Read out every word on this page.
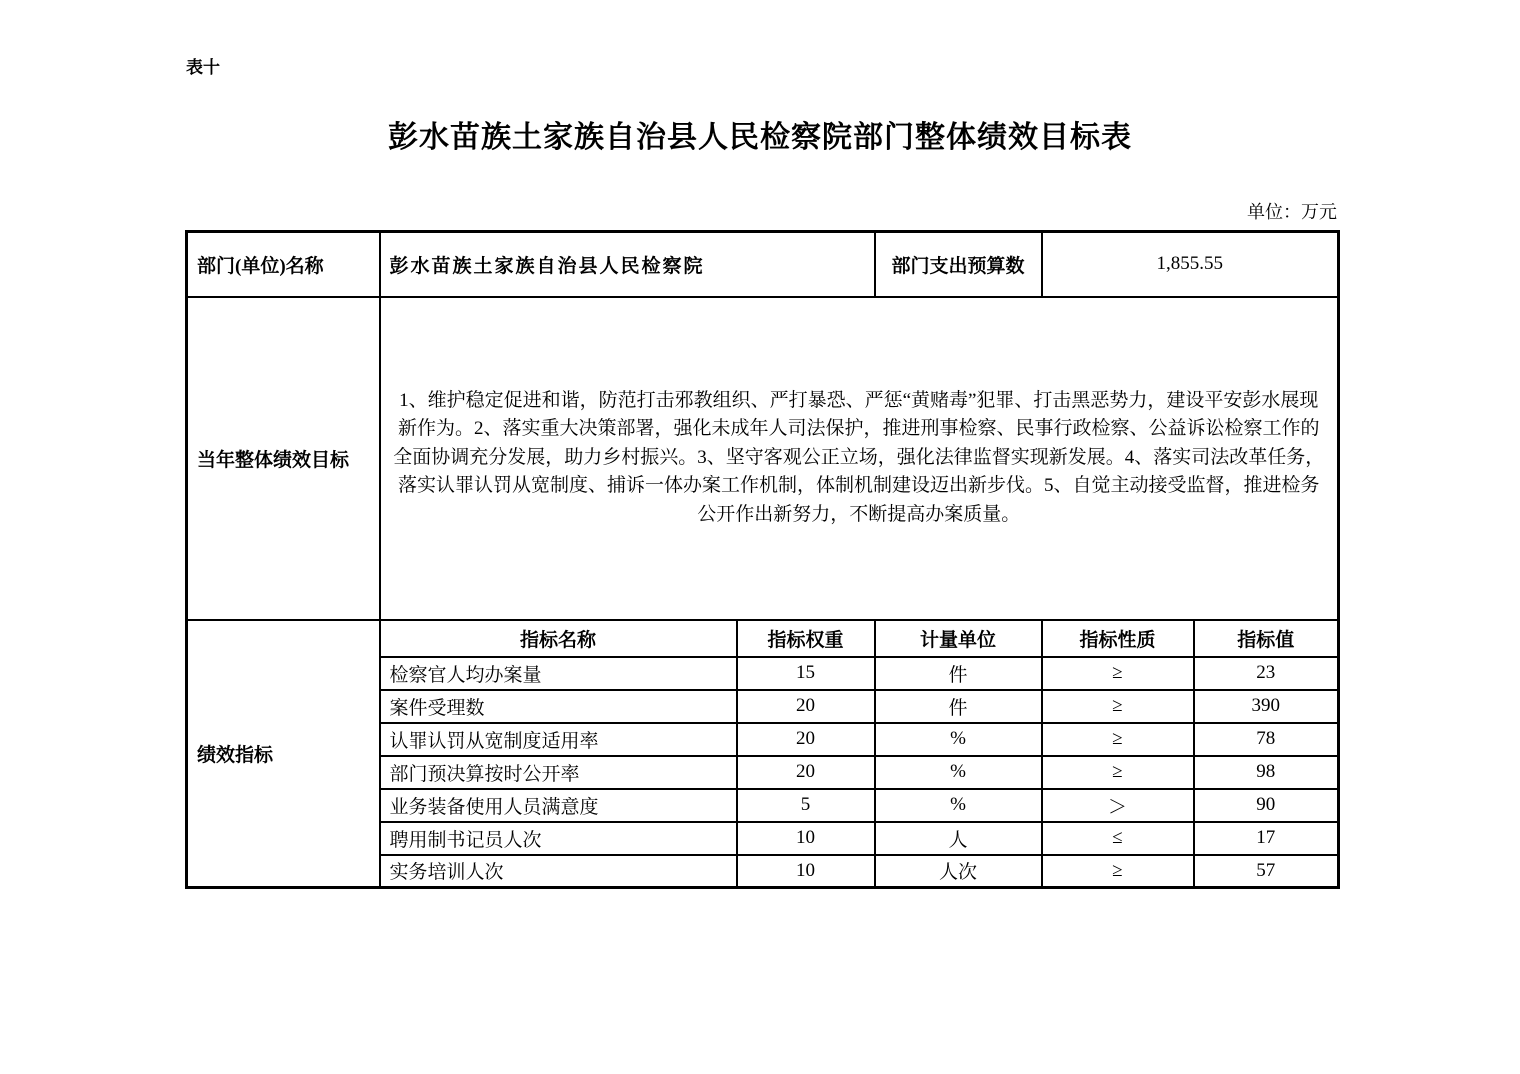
表十
彭水苗族土家族自治县人民检察院部门整体绩效目标表
单位：万元
部门(单位)名称	彭水苗族土家族自治县人民检察院		部门支出预算数	1,855.55	
当年整体绩效目标	1、维护稳定促进和谐，防范打击邪教组织、严打暴恐、严惩“黄赌毒”犯罪、打击黑恶势力，建设平安彭水展现新作为。2、落实重大决策部署，强化未成年人司法保护，推进刑事检察、民事行政检察、公益诉讼检察工作的全面协调充分发展，助力乡村振兴。3、坚守客观公正立场，强化法律监督实现新发展。4、落实司法改革任务，落实认罪认罚从宽制度、捕诉一体办案工作机制，体制机制建设迈出新步伐。5、自觉主动接受监督，推进检务公开作出新努力，不断提高办案质量。				
绩效指标	指标名称	指标权重	计量单位	指标性质	指标值
	检察官人均办案量	15	件	≥	23
	案件受理数	20	件	≥	390
	认罪认罚从宽制度适用率	20	%	≥	78
	部门预决算按时公开率	20	%	≥	98
	业务装备使用人员满意度	5	%	＞	90
	聘用制书记员人次	10	人	≤	17
	实务培训人次	10	人次	≥	57
